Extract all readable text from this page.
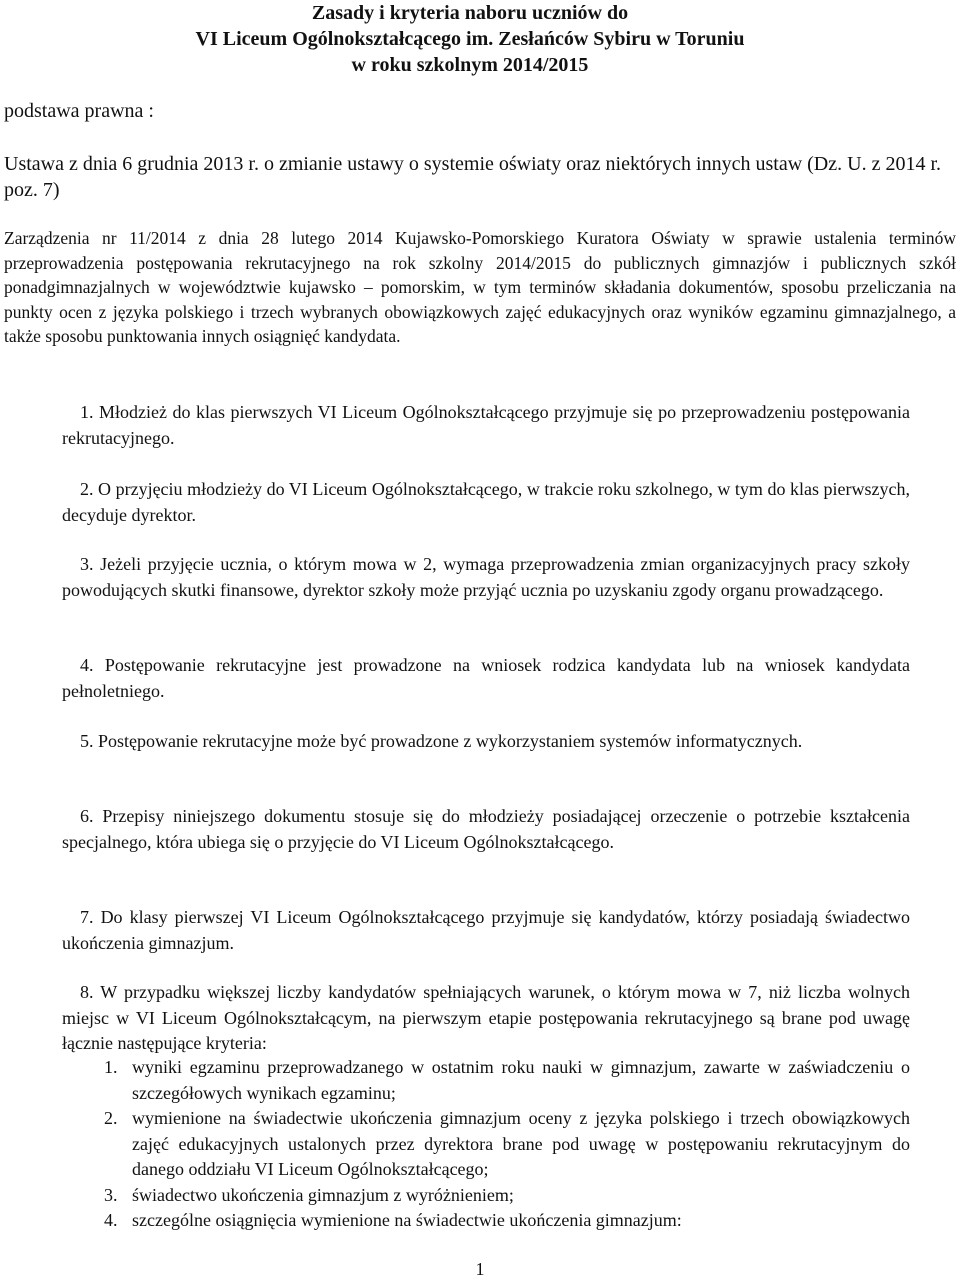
Zasady i kryteria naboru uczniów do
VI Liceum Ogólnokształcącego im. Zesłańców Sybiru w Toruniu
w roku szkolnym 2014/2015
podstawa prawna :
Ustawa z dnia 6 grudnia 2013 r. o zmianie ustawy o systemie oświaty oraz niektórych innych ustaw (Dz. U. z 2014 r. poz. 7)
Zarządzenia nr 11/2014 z dnia 28 lutego 2014 Kujawsko-Pomorskiego Kuratora Oświaty w sprawie ustalenia terminów przeprowadzenia postępowania rekrutacyjnego na rok szkolny 2014/2015 do publicznych gimnazjów i publicznych szkół ponadgimnazjalnych w województwie kujawsko – pomorskim, w tym terminów składania dokumentów, sposobu przeliczania na punkty ocen z języka polskiego i trzech wybranych obowiązkowych zajęć edukacyjnych oraz wyników egzaminu gimnazjalnego, a także sposobu punktowania innych osiągnięć kandydata.
1. Młodzież do klas pierwszych VI Liceum Ogólnokształcącego przyjmuje się po przeprowadzeniu postępowania rekrutacyjnego.
2. O przyjęciu młodzieży do VI Liceum Ogólnokształcącego, w trakcie roku szkolnego, w tym do klas pierwszych, decyduje dyrektor.
3. Jeżeli przyjęcie ucznia, o którym mowa w 2, wymaga przeprowadzenia zmian organizacyjnych pracy szkoły powodujących skutki finansowe, dyrektor szkoły może przyjąć ucznia po uzyskaniu zgody organu prowadzącego.
4. Postępowanie rekrutacyjne jest prowadzone na wniosek rodzica kandydata lub na wniosek kandydata pełnoletniego.
5. Postępowanie rekrutacyjne może być prowadzone z wykorzystaniem systemów informatycznych.
6. Przepisy niniejszego dokumentu stosuje się do młodzieży posiadającej orzeczenie o potrzebie kształcenia specjalnego, która ubiega się o przyjęcie do VI Liceum Ogólnokształcącego.
7. Do klasy pierwszej VI Liceum Ogólnokształcącego przyjmuje się kandydatów, którzy posiadają świadectwo ukończenia gimnazjum.
8. W przypadku większej liczby kandydatów spełniających warunek, o którym mowa w 7, niż liczba wolnych miejsc w VI Liceum Ogólnokształcącym, na pierwszym etapie postępowania rekrutacyjnego są brane pod uwagę łącznie następujące kryteria:
1. wyniki egzaminu przeprowadzanego w ostatnim roku nauki w gimnazjum, zawarte w zaświadczeniu o szczegółowych wynikach egzaminu;
2. wymienione na świadectwie ukończenia gimnazjum oceny z języka polskiego i trzech obowiązkowych zajęć edukacyjnych ustalonych przez dyrektora brane pod uwagę w postępowaniu rekrutacyjnym do danego oddziału VI Liceum Ogólnokształcącego;
3. świadectwo ukończenia gimnazjum z wyróżnieniem;
4. szczególne osiągnięcia wymienione na świadectwie ukończenia gimnazjum:
1
